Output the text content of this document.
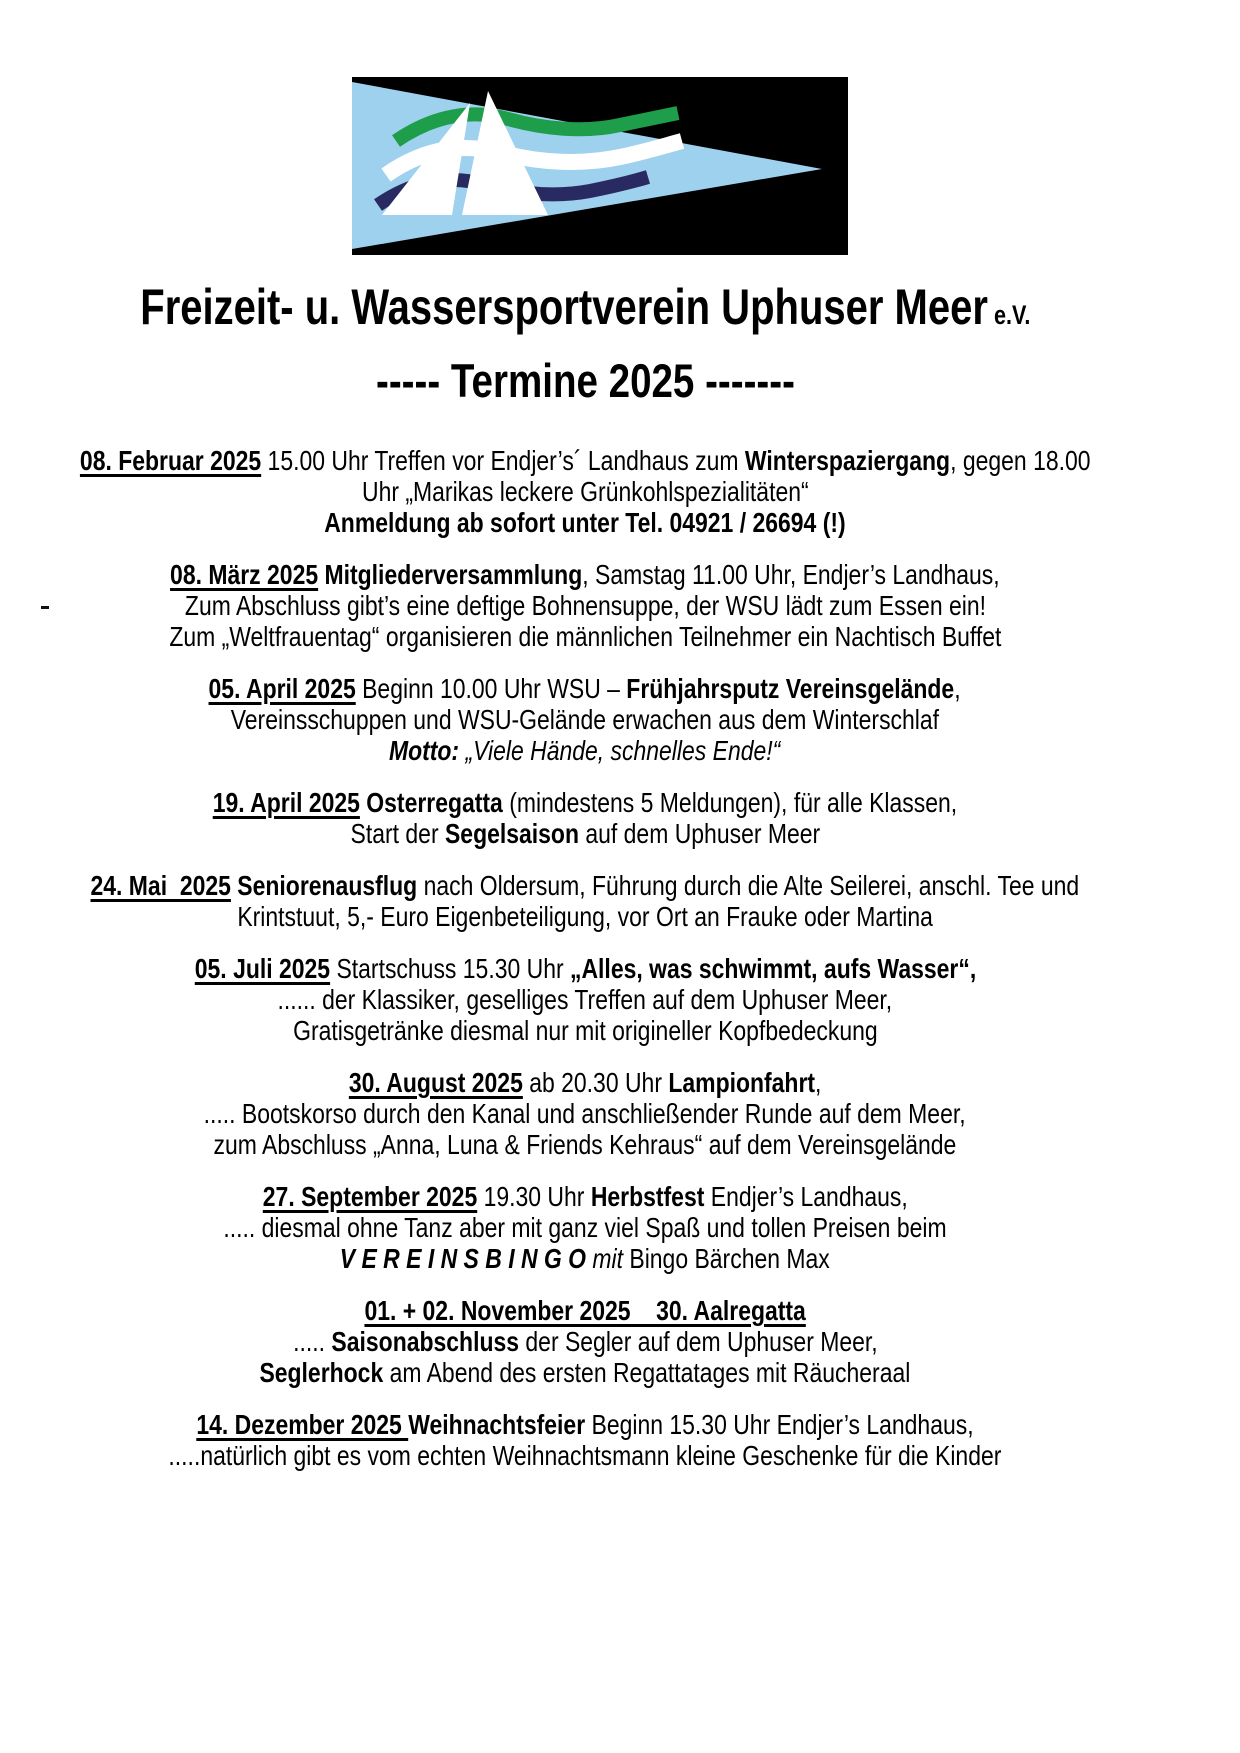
Freizeit- u. Wassersportverein Uphuser Meer e.V.
----- Termine 2025 -------
08. Februar 2025 15.00 Uhr Treffen vor Endjer’s´ Landhaus zum Winterspaziergang, gegen 18.00
Uhr „Marikas leckere Grünkohlspezialitäten“
Anmeldung ab sofort unter Tel. 04921 / 26694 (!)
08. März 2025 Mitgliederversammlung, Samstag 11.00 Uhr, Endjer’s Landhaus,
Zum Abschluss gibt’s eine deftige Bohnensuppe, der WSU lädt zum Essen ein!
Zum „Weltfrauentag“ organisieren die männlichen Teilnehmer ein Nachtisch Buffet
05. April 2025 Beginn 10.00 Uhr WSU – Frühjahrsputz Vereinsgelände,
Vereinsschuppen und WSU-Gelände erwachen aus dem Winterschlaf
Motto: „Viele Hände, schnelles Ende!“
19. April 2025 Osterregatta (mindestens 5 Meldungen), für alle Klassen,
Start der Segelsaison auf dem Uphuser Meer
24. Mai  2025 Seniorenausflug nach Oldersum, Führung durch die Alte Seilerei, anschl. Tee und
Krintstuut, 5,- Euro Eigenbeteiligung, vor Ort an Frauke oder Martina
05. Juli 2025 Startschuss 15.30 Uhr „Alles, was schwimmt, aufs Wasser“,
...... der Klassiker, geselliges Treffen auf dem Uphuser Meer,
Gratisgetränke diesmal nur mit origineller Kopfbedeckung
30. August 2025 ab 20.30 Uhr Lampionfahrt,
..... Bootskorso durch den Kanal und anschließender Runde auf dem Meer,
zum Abschluss „Anna, Luna & Friends Kehraus“ auf dem Vereinsgelände
27. September 2025 19.30 Uhr Herbstfest Endjer’s Landhaus,
..... diesmal ohne Tanz aber mit ganz viel Spaß und tollen Preisen beim
V E R E I N S B I N G O mit Bingo Bärchen Max
01. + 02. November 2025    30. Aalregatta
..... Saisonabschluss der Segler auf dem Uphuser Meer,
Seglerhock am Abend des ersten Regattatages mit Räucheraal
14. Dezember 2025 Weihnachtsfeier Beginn 15.30 Uhr Endjer’s Landhaus,
.....natürlich gibt es vom echten Weihnachtsmann kleine Geschenke für die Kinder
